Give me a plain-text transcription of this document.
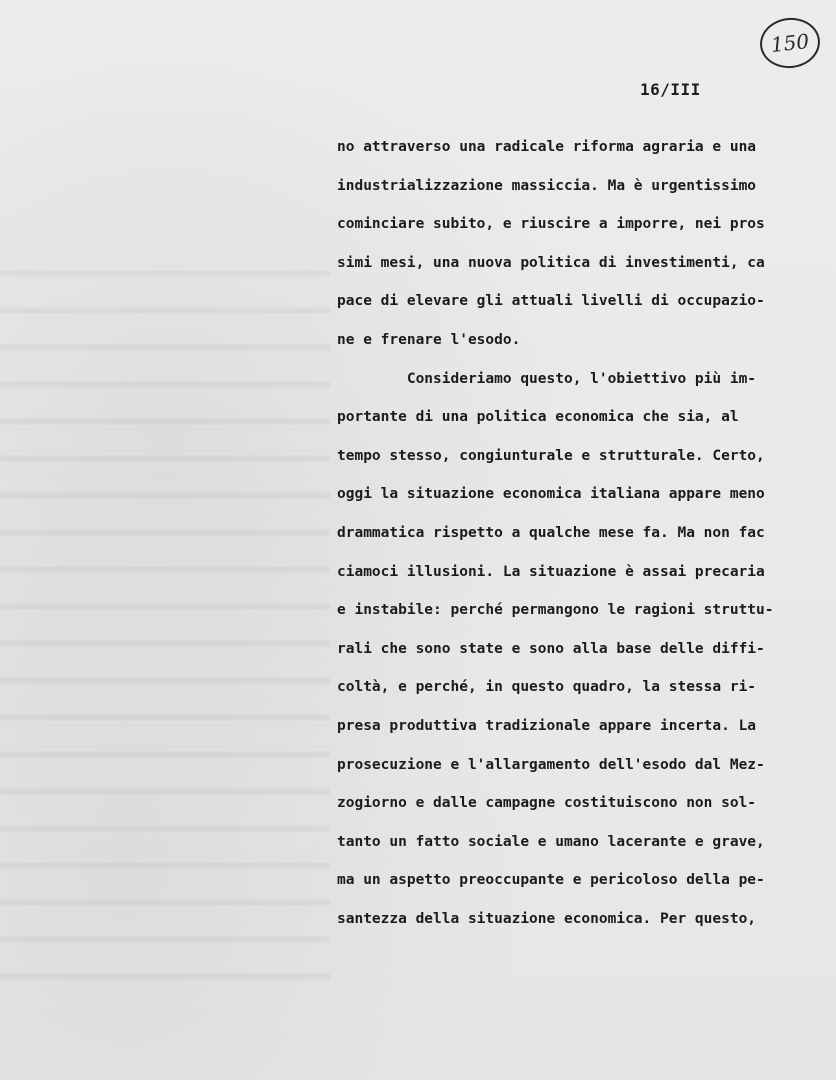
150
16/III
no attraverso una radicale riforma agraria e una
industrializzazione massiccia. Ma è urgentissimo
cominciare subito, e riuscire a imporre, nei pros
simi mesi, una nuova politica di investimenti, ca
pace di elevare gli attuali livelli di occupazio-
ne e frenare l'esodo.
Consideriamo questo, l'obiettivo più im-
portante di una politica economica che sia, al
tempo stesso, congiunturale e strutturale. Certo,
oggi la situazione economica italiana appare meno
drammatica rispetto a qualche mese fa. Ma non fac
ciamoci illusioni. La situazione è assai precaria
e instabile: perché permangono le ragioni struttu-
rali che sono state e sono alla base delle diffi-
coltà, e perché, in questo quadro, la stessa ri-
presa produttiva tradizionale appare incerta. La
prosecuzione e l'allargamento dell'esodo dal Mez-
zogiorno e dalle campagne costituiscono non sol-
tanto un fatto sociale e umano lacerante e grave,
ma un aspetto preoccupante e pericoloso della pe-
santezza della situazione economica. Per questo,
